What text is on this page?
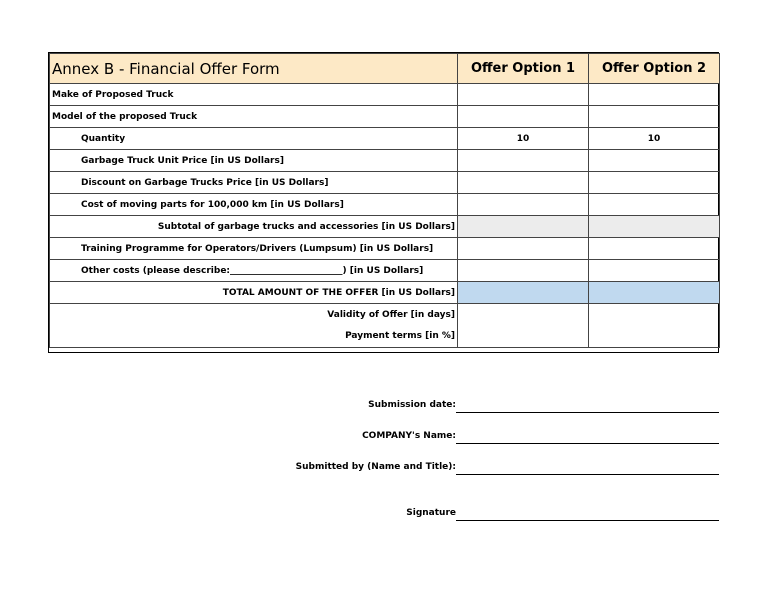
Annex B - Financial Offer Form	Offer Option 1	Offer Option 2
Make of Proposed Truck		
Model of the proposed Truck		
Quantity	10	10
Garbage Truck Unit Price [in US Dollars]		
Discount on Garbage Trucks Price [in US Dollars]		
Cost of moving parts for 100,000 km [in US Dollars]		
Subtotal of garbage trucks and accessories [in US Dollars]		
Training Programme for Operators/Drivers (Lumpsum) [in US Dollars]		
Other costs (please describe:_________________________) [in US Dollars]		
TOTAL AMOUNT OF THE OFFER [in US Dollars]		
Validity of Offer [in days]		
Payment terms [in %]		
Submission date:
COMPANY's Name:
Submitted by (Name and Title):
Signature
